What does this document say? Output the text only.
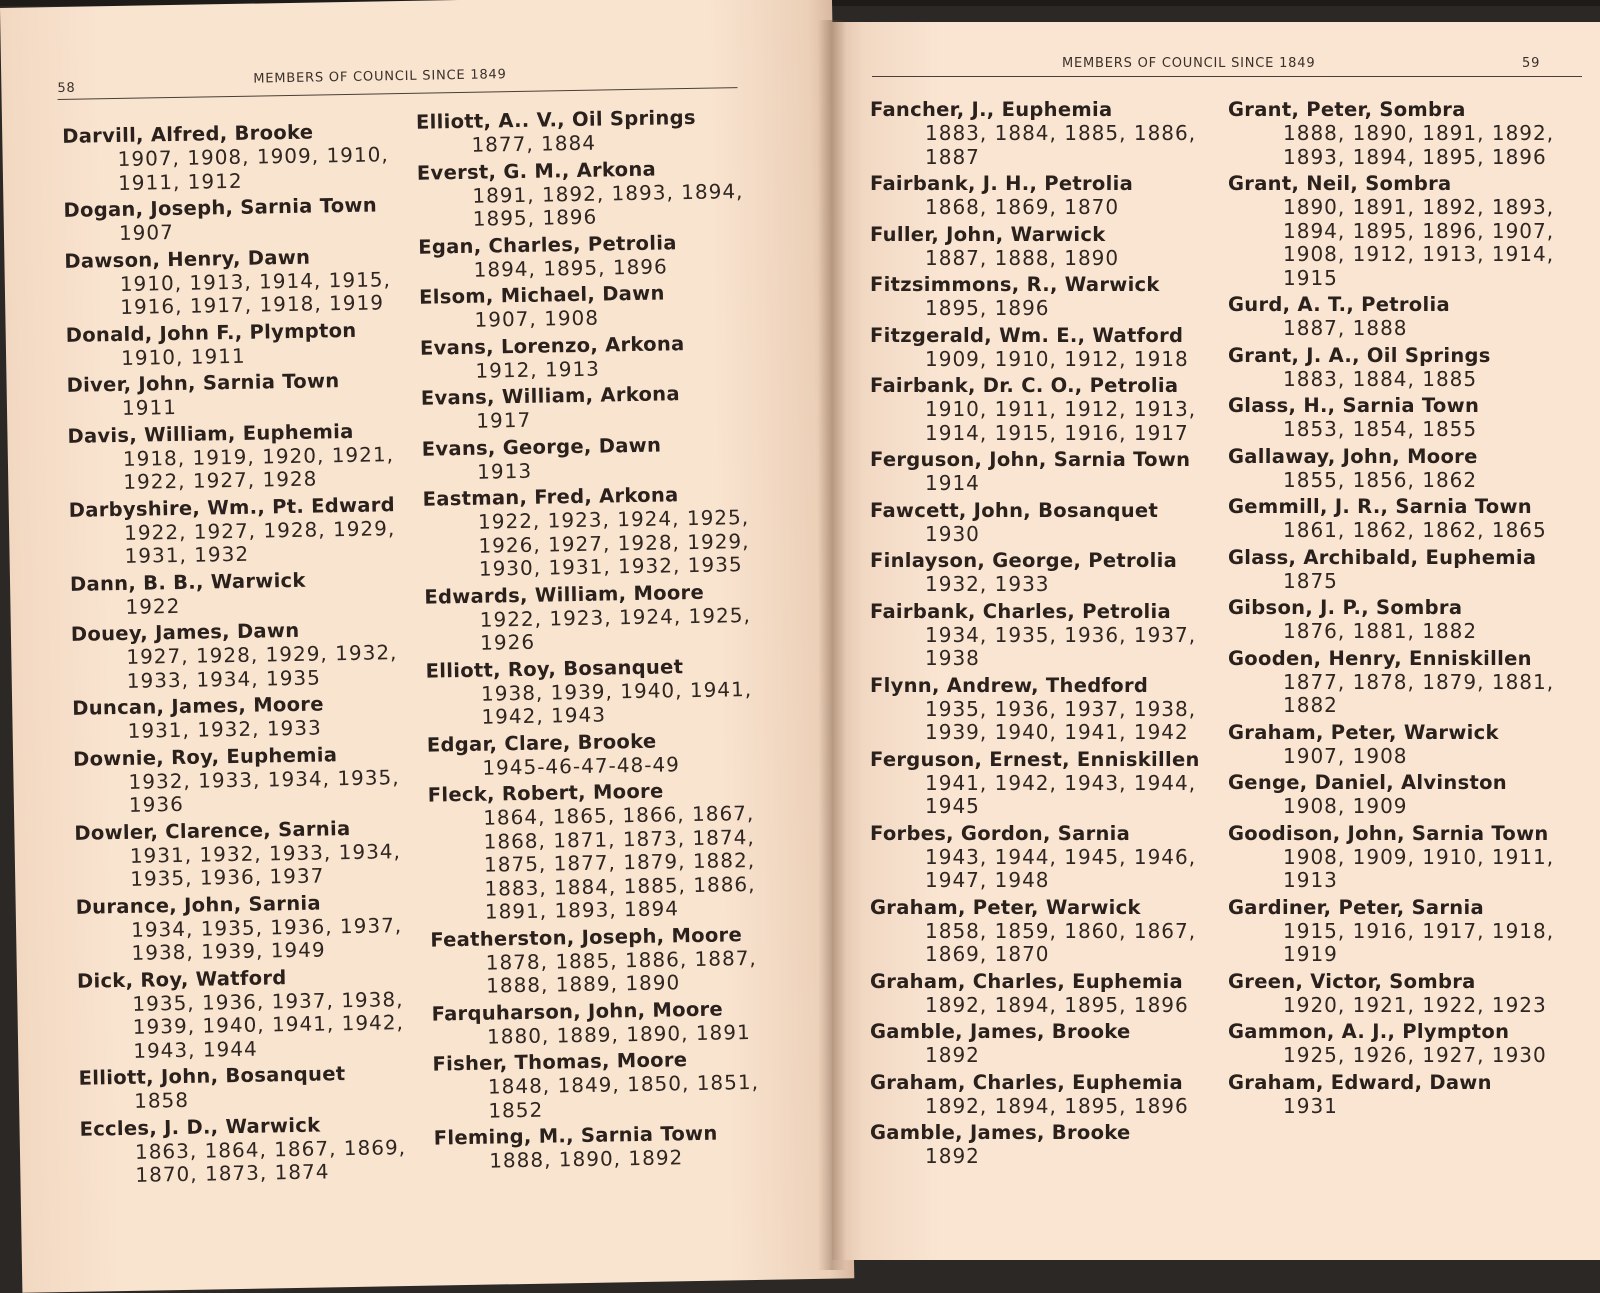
58
MEMBERS OF COUNCIL SINCE 1849
Darvill, Alfred, Brooke
1907, 1908, 1909, 1910, 1911, 1912
Dogan, Joseph, Sarnia Town
1907
Dawson, Henry, Dawn
1910, 1913, 1914, 1915, 1916, 1917, 1918, 1919
Donald, John F., Plympton
1910, 1911
Diver, John, Sarnia Town
1911
Davis, William, Euphemia
1918, 1919, 1920, 1921, 1922, 1927, 1928
Darbyshire, Wm., Pt. Edward
1922, 1927, 1928, 1929, 1931, 1932
Dann, B. B., Warwick
1922
Douey, James, Dawn
1927, 1928, 1929, 1932, 1933, 1934, 1935
Duncan, James, Moore
1931, 1932, 1933
Downie, Roy, Euphemia
1932, 1933, 1934, 1935, 1936
Dowler, Clarence, Sarnia
1931, 1932, 1933, 1934, 1935, 1936, 1937
Durance, John, Sarnia
1934, 1935, 1936, 1937, 1938, 1939, 1949
Dick, Roy, Watford
1935, 1936, 1937, 1938, 1939, 1940, 1941, 1942, 1943, 1944
Elliott, John, Bosanquet
1858
Eccles, J. D., Warwick
1863, 1864, 1867, 1869, 1870, 1873, 1874
Elliott, A.. V., Oil Springs
1877, 1884
Everst, G. M., Arkona
1891, 1892, 1893, 1894, 1895, 1896
Egan, Charles, Petrolia
1894, 1895, 1896
Elsom, Michael, Dawn
1907, 1908
Evans, Lorenzo, Arkona
1912, 1913
Evans, William, Arkona
1917
Evans, George, Dawn
1913
Eastman, Fred, Arkona
1922, 1923, 1924, 1925, 1926, 1927, 1928, 1929, 1930, 1931, 1932, 1935
Edwards, William, Moore
1922, 1923, 1924, 1925, 1926
Elliott, Roy, Bosanquet
1938, 1939, 1940, 1941, 1942, 1943
Edgar, Clare, Brooke
1945-46-47-48-49
Fleck, Robert, Moore
1864, 1865, 1866, 1867, 1868, 1871, 1873, 1874, 1875, 1877, 1879, 1882, 1883, 1884, 1885, 1886, 1891, 1893, 1894
Featherston, Joseph, Moore
1878, 1885, 1886, 1887, 1888, 1889, 1890
Farquharson, John, Moore
1880, 1889, 1890, 1891
Fisher, Thomas, Moore
1848, 1849, 1850, 1851, 1852
Fleming, M., Sarnia Town
1888, 1890, 1892
MEMBERS OF COUNCIL SINCE 1849	59
Fancher, J., Euphemia
1883, 1884, 1885, 1886, 1887
Fairbank, J. H., Petrolia
1868, 1869, 1870
Fuller, John, Warwick
1887, 1888, 1890
Fitzsimmons, R., Warwick
1895, 1896
Fitzgerald, Wm. E., Watford
1909, 1910, 1912, 1918
Fairbank, Dr. C. O., Petrolia
1910, 1911, 1912, 1913, 1914, 1915, 1916, 1917
Ferguson, John, Sarnia Town
1914
Fawcett, John, Bosanquet
1930
Finlayson, George, Petrolia
1932, 1933
Fairbank, Charles, Petrolia
1934, 1935, 1936, 1937, 1938
Flynn, Andrew, Thedford
1935, 1936, 1937, 1938, 1939, 1940, 1941, 1942
Ferguson, Ernest, Enniskillen
1941, 1942, 1943, 1944, 1945
Forbes, Gordon, Sarnia
1943, 1944, 1945, 1946, 1947, 1948
Graham, Peter, Warwick
1858, 1859, 1860, 1867, 1869, 1870
Graham, Charles, Euphemia
1892, 1894, 1895, 1896
Gamble, James, Brooke
1892
Graham, Charles, Euphemia
1892, 1894, 1895, 1896
Gamble, James, Brooke
1892
Grant, Peter, Sombra
1888, 1890, 1891, 1892, 1893, 1894, 1895, 1896
Grant, Neil, Sombra
1890, 1891, 1892, 1893, 1894, 1895, 1896, 1907, 1908, 1912, 1913, 1914, 1915
Gurd, A. T., Petrolia
1887, 1888
Grant, J. A., Oil Springs
1883, 1884, 1885
Glass, H., Sarnia Town
1853, 1854, 1855
Gallaway, John, Moore
1855, 1856, 1862
Gemmill, J. R., Sarnia Town
1861, 1862, 1862, 1865
Glass, Archibald, Euphemia
1875
Gibson, J. P., Sombra
1876, 1881, 1882
Gooden, Henry, Enniskillen
1877, 1878, 1879, 1881, 1882
Graham, Peter, Warwick
1907, 1908
Genge, Daniel, Alvinston
1908, 1909
Goodison, John, Sarnia Town
1908, 1909, 1910, 1911, 1913
Gardiner, Peter, Sarnia
1915, 1916, 1917, 1918, 1919
Green, Victor, Sombra
1920, 1921, 1922, 1923
Gammon, A. J., Plympton
1925, 1926, 1927, 1930
Graham, Edward, Dawn
1931
